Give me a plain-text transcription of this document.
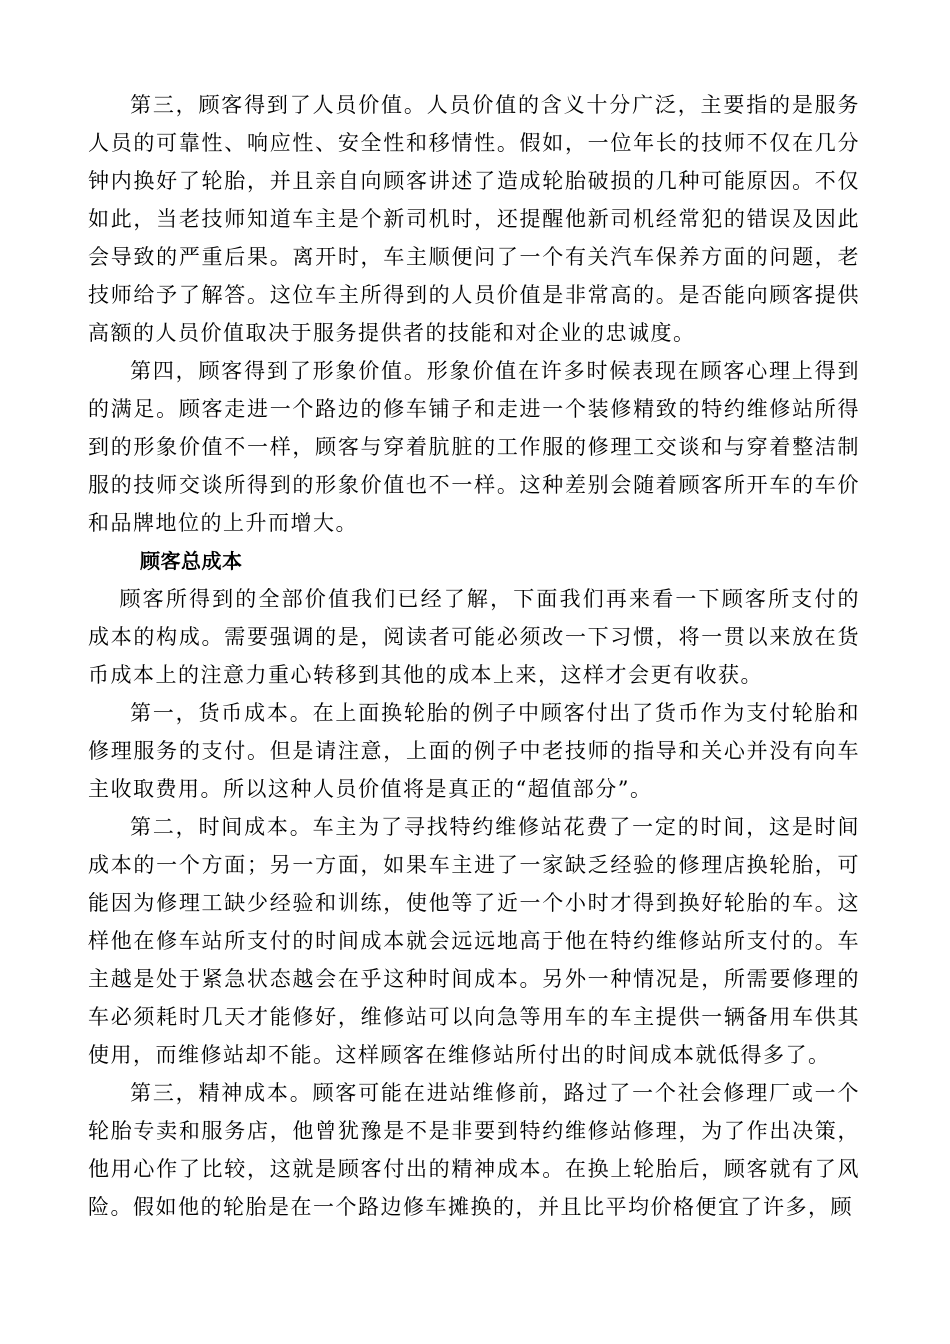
第三，顾客得到了人员价值。人员价值的含义十分广泛，主要指的是服务人员的可靠性、响应性、安全性和移情性。假如，一位年长的技师不仅在几分钟内换好了轮胎，并且亲自向顾客讲述了造成轮胎破损的几种可能原因。不仅如此，当老技师知道车主是个新司机时，还提醒他新司机经常犯的错误及因此会导致的严重后果。离开时，车主顺便问了一个有关汽车保养方面的问题，老技师给予了解答。这位车主所得到的人员价值是非常高的。是否能向顾客提供高额的人员价值取决于服务提供者的技能和对企业的忠诚度。

第四，顾客得到了形象价值。形象价值在许多时候表现在顾客心理上得到的满足。顾客走进一个路边的修车铺子和走进一个装修精致的特约维修站所得到的形象价值不一样，顾客与穿着肮脏的工作服的修理工交谈和与穿着整洁制服的技师交谈所得到的形象价值也不一样。这种差别会随着顾客所开车的车价和品牌地位的上升而增大。

顾客总成本

顾客所得到的全部价值我们已经了解，下面我们再来看一下顾客所支付的成本的构成。需要强调的是，阅读者可能必须改一下习惯，将一贯以来放在货币成本上的注意力重心转移到其他的成本上来，这样才会更有收获。

第一，货币成本。在上面换轮胎的例子中顾客付出了货币作为支付轮胎和修理服务的支付。但是请注意，上面的例子中老技师的指导和关心并没有向车主收取费用。所以这种人员价值将是真正的“超值部分”。

第二，时间成本。车主为了寻找特约维修站花费了一定的时间，这是时间成本的一个方面；另一方面，如果车主进了一家缺乏经验的修理店换轮胎，可能因为修理工缺少经验和训练，使他等了近一个小时才得到换好轮胎的车。这样他在修车站所支付的时间成本就会远远地高于他在特约维修站所支付的。车主越是处于紧急状态越会在乎这种时间成本。另外一种情况是，所需要修理的车必须耗时几天才能修好，维修站可以向急等用车的车主提供一辆备用车供其使用，而维修站却不能。这样顾客在维修站所付出的时间成本就低得多了。

第三，精神成本。顾客可能在进站维修前，路过了一个社会修理厂或一个轮胎专卖和服务店，他曾犹豫是不是非要到特约维修站修理，为了作出决策，他用心作了比较，这就是顾客付出的精神成本。在换上轮胎后，顾客就有了风险。假如他的轮胎是在一个路边修车摊换的，并且比平均价格便宜了许多，顾
